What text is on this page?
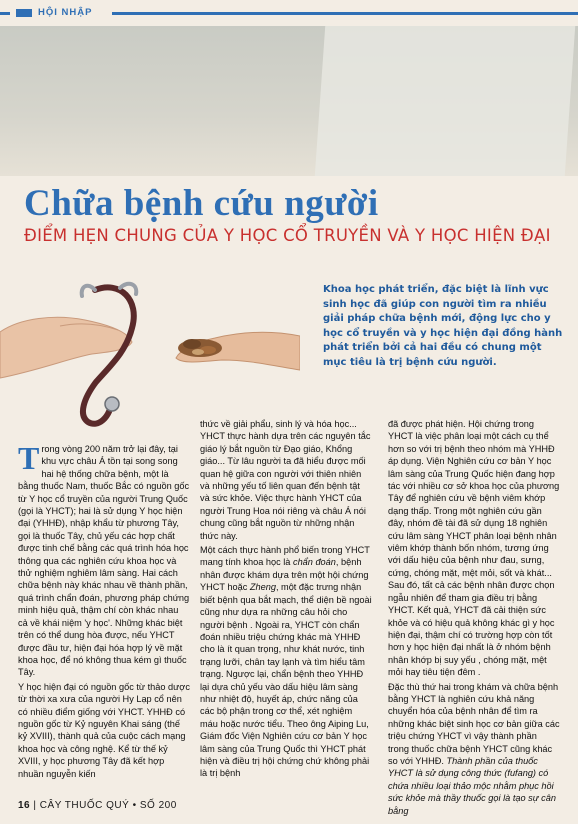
HỘI NHẬP
Chữa bệnh cứu người
ĐIỂM HẸN CHUNG CỦA Y HỌC CỔ TRUYỀN VÀ Y HỌC HIỆN ĐẠI
Khoa học phát triển, đặc biệt là lĩnh vực sinh học đã giúp con người tìm ra nhiều giải pháp chữa bệnh mới, động lực cho y học cổ truyền và y học hiện đại đồng hành phát triển bởi cả hai đều có chung một mục tiêu là trị bệnh cứu người.

Trong vòng 200 năm trở lại đây, tại khu vực châu Á tồn tại song song hai hệ thống chữa bệnh, một là bằng thuốc Nam, thuốc Bắc có nguồn gốc từ Y học cổ truyền của người Trung Quốc (gọi là YHCT); hai là sử dụng Y học hiện đại (YHHĐ), nhập khẩu từ phương Tây, gọi là thuốc Tây, chủ yếu các hợp chất được tinh chế bằng các quá trình hóa học thông qua các nghiên cứu khoa học và thử nghiệm nghiêm lâm sàng. Hai cách chữa bệnh này khác nhau về thành phần, quá trình chẩn đoán, phương pháp chứng minh hiệu quả, thậm chí còn khác nhau cả về khái niệm 'y học'. Những khác biệt trên có thể dung hòa được, nếu YHCT được đầu tư, hiện đại hóa hợp lý về mặt khoa học, để nó không thua kém gì thuốc Tây.

Y học hiện đại có nguồn gốc từ thảo dược từ thời xa xưa của người Hy Lạp cổ nên có nhiều điểm giống với YHCT. YHHĐ có nguồn gốc từ Kỷ nguyên Khai sáng (thế kỷ XVIII), thành quả của cuộc cách mạng khoa học và công nghệ. Kể từ thế kỷ XVIII, y học phương Tây đã kết hợp nhuần nguyễn kiến

thức về giải phẩu, sinh lý và hóa học... YHCT thực hành dựa trên các nguyên tắc giáo lý bắt nguồn từ Đạo giáo, Khổng giáo... Từ lâu người ta đã hiểu được mối quan hệ giữa con người với thiên nhiên và những yếu tố liên quan đến bệnh tật và sức khỏe. Việc thực hành YHCT của người Trung Hoa nói riêng và châu Á nói chung cũng bắt nguồn từ những nhận thức này.

Một cách thực hành phổ biến trong YHCT mang tính khoa học là chẩn đoán, bệnh nhân được khám dựa trên một hội chứng YHCT hoặc Zheng, một đặc trưng nhận biết bệnh qua bắt mạch, thể diện bề ngoài cũng như dựa ra những câu hỏi cho người bệnh . Ngoài ra, YHCT còn chẩn đoán nhiều triệu chứng khác mà YHHĐ cho là ít quan trọng, như khát nước, tinh trạng lưỡi, chân tay lạnh và tìm hiểu tâm trạng. Ngược lại, chẩn bệnh theo YHHĐ lại dựa chủ yếu vào dấu hiệu lâm sàng như nhiệt độ, huyết áp, chức năng của các bộ phận trong cơ thể, xét nghiệm máu hoặc nước tiểu. Theo ông Aiping Lu, Giám đốc Viện Nghiên cứu cơ bản Y học lâm sàng của Trung Quốc thì YHCT phát hiện và điều trị hội chứng chứ không phải là trị bệnh

đã được phát hiện. Hội chứng trong YHCT là việc phân loại một cách cụ thể hơn so với trị bệnh theo nhóm mà YHHĐ áp dụng. Viện Nghiên cứu cơ bản Y học lâm sàng của Trung Quốc hiện đang hợp tác với nhiều cơ sở khoa học của phương Tây để nghiên cứu về bệnh viêm khớp dạng thấp. Trong một nghiên cứu gần đây, nhóm đề tài đã sử dụng 18 nghiên cứu lâm sàng YHCT phân loại bệnh nhân viêm khớp thành bốn nhóm, tương ứng với dấu hiệu của bệnh như đau, sưng, cứng, chóng mặt, mệt mỏi, sốt và khát... Sau đó, tất cả các bệnh nhân được chọn ngẫu nhiên để tham gia điều trị bằng YHCT. Kết quả, YHCT đã cải thiện sức khỏe và có hiệu quả không khác gì y học hiện đại, thậm chí có trường hợp còn tốt hơn y học hiện đại nhất là ở nhóm bệnh nhân khớp bị suy yếu , chóng mặt, mệt mỏi hay tiêu tiện đêm .

Đặc thù thứ hai trong khám và chữa bệnh bằng YHCT là nghiên cứu khả năng chuyển hóa của bệnh nhân để tìm ra những khác biệt sinh học cơ bản giữa các triệu chứng YHCT vì vậy thành phần trong thuốc chữa bệnh YHCT cũng khác so với YHHĐ. Thành phần của thuốc YHCT là sử dụng công thức (fufang) có chứa nhiều loại thảo mộc nhằm phục hồi sức khỏe mà thầy thuốc gọi là tạo sự cân bằng

16 | CÂY THUỐC QUÝ • SỐ 200
